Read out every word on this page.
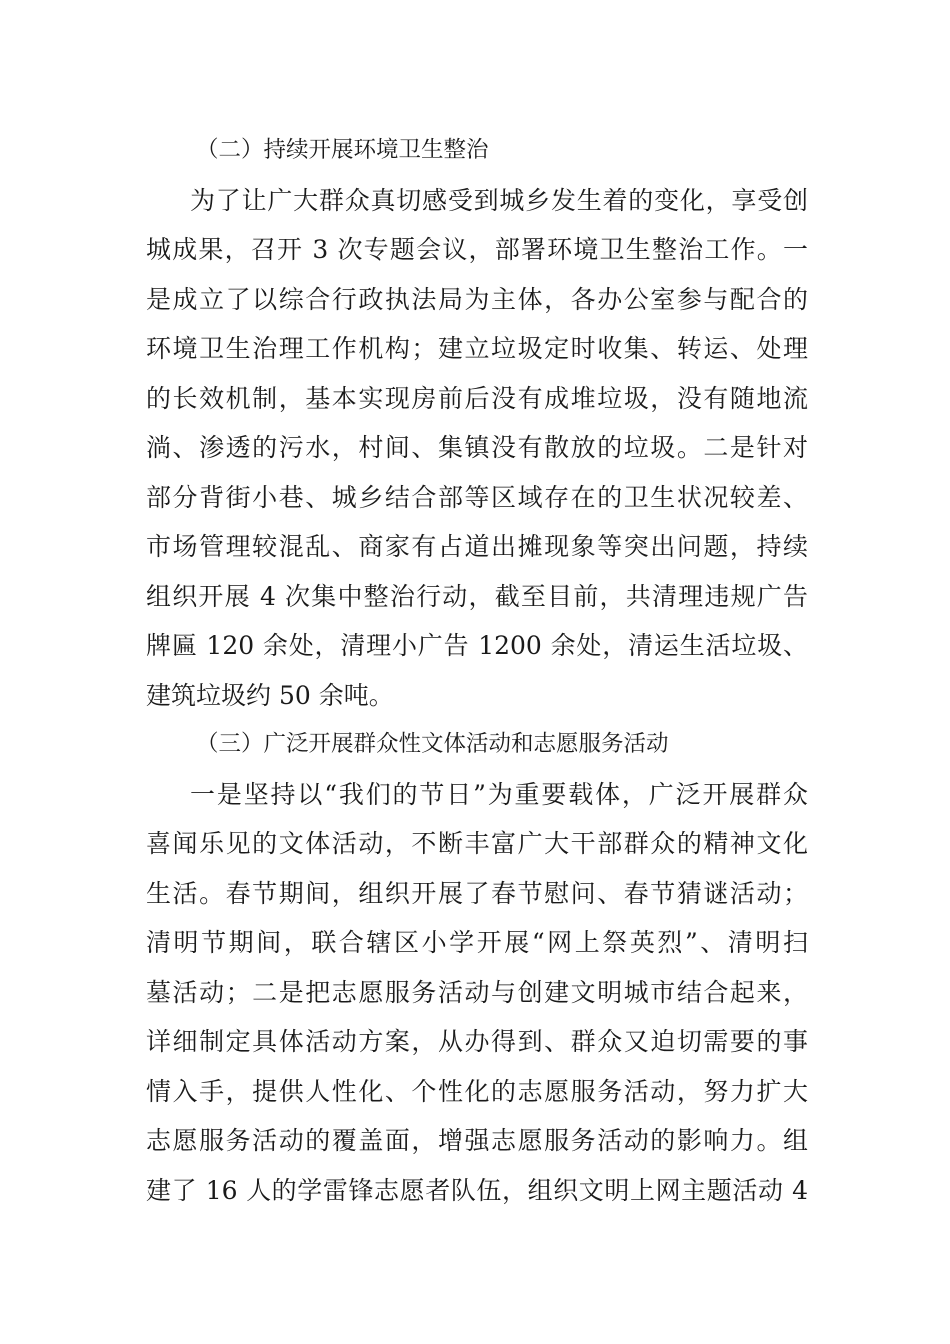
（二）持续开展环境卫生整治
为了让广大群众真切感受到城乡发生着的变化，享受创
城成果，召开 3 次专题会议，部署环境卫生整治工作。一
是成立了以综合行政执法局为主体，各办公室参与配合的
环境卫生治理工作机构；建立垃圾定时收集、转运、处理
的长效机制，基本实现房前后没有成堆垃圾，没有随地流
淌、渗透的污水，村间、集镇没有散放的垃圾。二是针对
部分背街小巷、城乡结合部等区域存在的卫生状况较差、
市场管理较混乱、商家有占道出摊现象等突出问题，持续
组织开展 4 次集中整治行动，截至目前，共清理违规广告
牌匾 120 余处，清理小广告 1200 余处，清运生活垃圾、
建筑垃圾约 50 余吨。
（三）广泛开展群众性文体活动和志愿服务活动
一是坚持以“我们的节日”为重要载体，广泛开展群众
喜闻乐见的文体活动，不断丰富广大干部群众的精神文化
生活。春节期间，组织开展了春节慰问、春节猜谜活动；
清明节期间，联合辖区小学开展“网上祭英烈”、清明扫
墓活动；二是把志愿服务活动与创建文明城市结合起来，
详细制定具体活动方案，从办得到、群众又迫切需要的事
情入手，提供人性化、个性化的志愿服务活动，努力扩大
志愿服务活动的覆盖面，增强志愿服务活动的影响力。组
建了 16 人的学雷锋志愿者队伍，组织文明上网主题活动 4
